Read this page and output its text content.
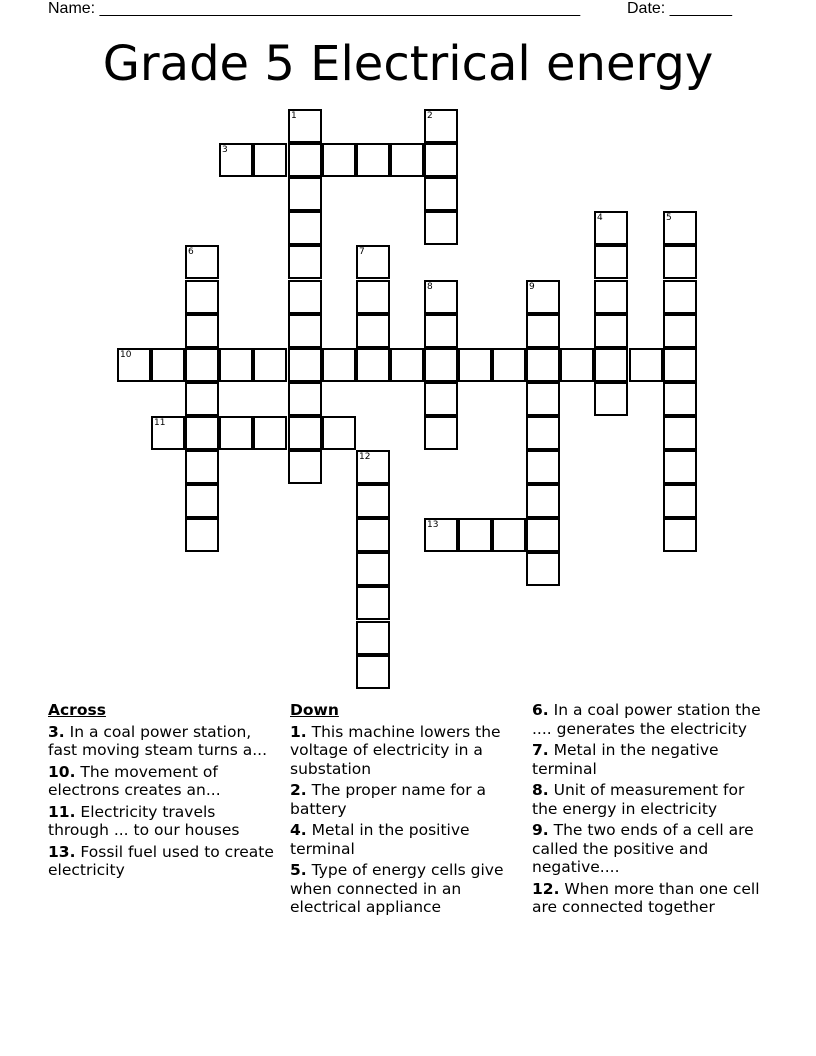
Name: ______________________________________________________	Date: _______
Grade 5 Electrical energy
1	2
3
4	5
6	7
8	9
10
11
12
13
Across
3. In a coal power station, fast moving steam turns a...
10. The movement of electrons creates an...
11. Electricity travels through ... to our houses
13. Fossil fuel used to create electricity
Down
1. This machine lowers the voltage of electricity in a substation
2. The proper name for a battery
4. Metal in the positive terminal
5. Type of energy cells give when connected in an electrical appliance
6. In a coal power station the .... generates the electricity
7. Metal in the negative terminal
8. Unit of measurement for the energy in electricity
9. The two ends of a cell are called the positive and negative....
12. When more than one cell are connected together
